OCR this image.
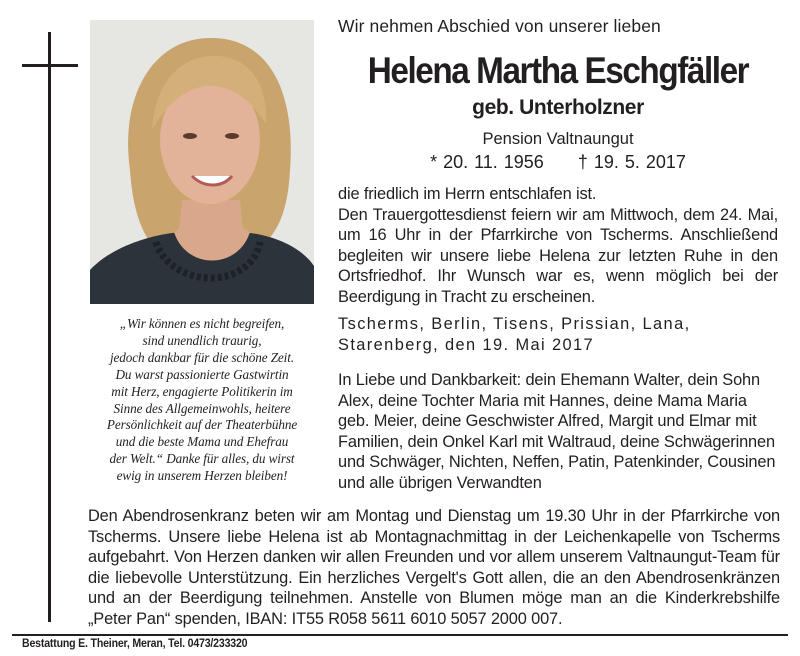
„Wir können es nicht begreifen,
sind unendlich traurig,
jedoch dankbar für die schöne Zeit.
Du warst passionierte Gastwirtin
mit Herz, engagierte Politikerin im
Sinne des Allgemeinwohls, heitere
Persönlichkeit auf der Theaterbühne
und die beste Mama und Ehefrau
der Welt.“ Danke für alles, du wirst
ewig in unserem Herzen bleiben!
Wir nehmen Abschied von unserer lieben
Helena Martha Eschgfäller
geb. Unterholzner
Pension Valtnaungut
* 20. 11. 1956 † 19. 5. 2017
die friedlich im Herrn entschlafen ist.
Den Trauergottesdienst feiern wir am Mittwoch, dem 24. Mai, um 16 Uhr in der Pfarrkirche von Tscherms. Anschließend begleiten wir unsere liebe Helena zur letzten Ruhe in den Ortsfriedhof. Ihr Wunsch war es, wenn möglich bei der Beerdigung in Tracht zu erscheinen.
Tscherms, Berlin, Tisens, Prissian, Lana,
Starenberg, den 19. Mai 2017
In Liebe und Dankbarkeit: dein Ehemann Walter, dein Sohn Alex, deine Tochter Maria mit Hannes, deine Mama Maria geb. Meier, deine Geschwister Alfred, Margit und Elmar mit Familien, dein Onkel Karl mit Waltraud, deine Schwägerinnen und Schwäger, Nichten, Neffen, Patin, Patenkinder, Cousinen und alle übrigen Verwandten
Den Abendrosenkranz beten wir am Montag und Dienstag um 19.30 Uhr in der Pfarrkirche von Tscherms. Unsere liebe Helena ist ab Montagnachmittag in der Leichenkapelle von Tscherms aufgebahrt. Von Herzen danken wir allen Freunden und vor allem unserem Valtnaungut-Team für die liebevolle Unterstützung. Ein herzliches Vergelt's Gott allen, die an den Abendrosenkränzen und an der Beerdigung teilnehmen. Anstelle von Blumen möge man an die Kinderkrebshilfe „Peter Pan“ spenden, IBAN: IT55 R058 5611 6010 5057 2000 007.
Bestattung E. Theiner, Meran, Tel. 0473/233320
